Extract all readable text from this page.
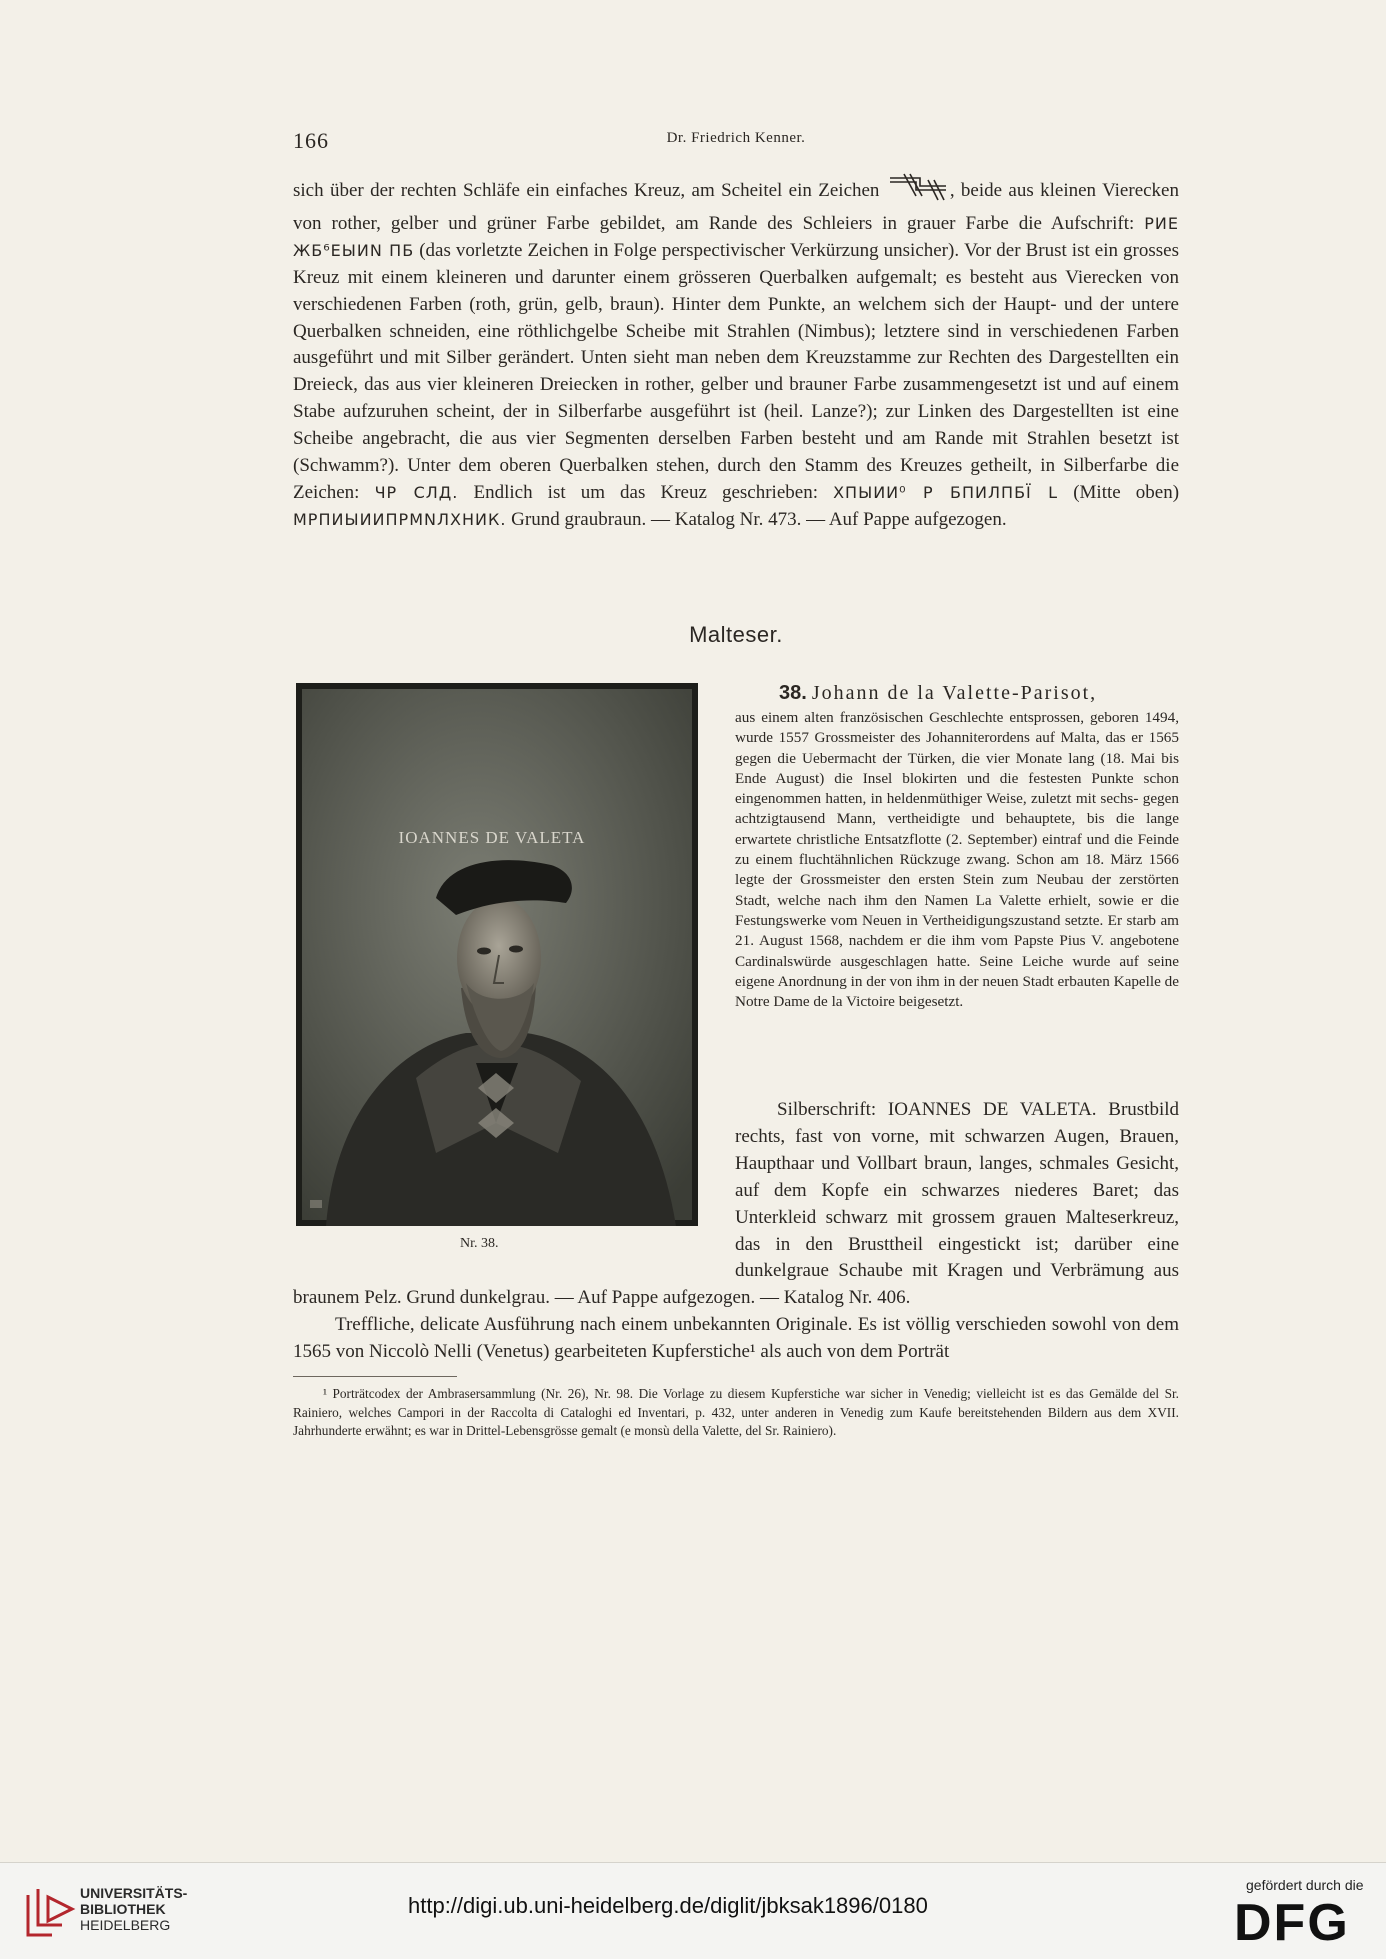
166	Dr. Friedrich Kenner.

sich über der rechten Schläfe ein einfaches Kreuz, am Scheitel ein Zeichen	, beide aus kleinen Vierecken von rother, gelber und grüner Farbe gebildet, am Rande des Schleiers in grauer Farbe die Aufschrift: РИЕ ЖБ⁶ЕЫИN ПБ (das vorletzte Zeichen in Folge perspectivischer Verkürzung unsicher). Vor der Brust ist ein grosses Kreuz mit einem kleineren und darunter einem grösseren Querbalken aufgemalt; es besteht aus Vierecken von verschiedenen Farben (roth, grün, gelb, braun). Hinter dem Punkte, an welchem sich der Haupt- und der untere Querbalken schneiden, eine röthlichgelbe Scheibe mit Strahlen (Nimbus); letztere sind in verschiedenen Farben ausgeführt und mit Silber gerändert. Unten sieht man neben dem Kreuzstamme zur Rechten des Dargestellten ein Dreieck, das aus vier kleineren Dreiecken in rother, gelber und brauner Farbe zusammengesetzt ist und auf einem Stabe aufzuruhen scheint, der in Silberfarbe ausgeführt ist (heil. Lanze?); zur Linken des Dargestellten ist eine Scheibe angebracht, die aus vier Segmenten derselben Farben besteht und am Rande mit Strahlen besetzt ist (Schwamm?). Unter dem oberen Querbalken stehen, durch den Stamm des Kreuzes getheilt, in Silberfarbe die Zeichen: ЧР СЛД. Endlich ist um das Kreuz geschrieben: ХПЫИИ⁰ Р БПИЛПБЇ L (Mitte oben) МРПИЫИИПРМNЛХНИК. Grund graubraun. — Katalog Nr. 473. — Auf Pappe aufgezogen.

Malteser.
IOANNES DE VALETA
Nr. 38.

38. Johann de la Valette-Parisot,

aus einem alten französischen Geschlechte entsprossen, geboren 1494, wurde 1557 Grossmeister des Johanniterordens auf Malta, das er 1565 gegen die Uebermacht der Türken, die vier Monate lang (18. Mai bis Ende August) die Insel blokirten und die festesten Punkte schon eingenommen hatten, in heldenmüthiger Weise, zuletzt mit sechs- gegen achtzigtausend Mann, vertheidigte und behauptete, bis die lange erwartete christliche Entsatzflotte (2. September) eintraf und die Feinde zu einem fluchtähnlichen Rückzuge zwang. Schon am 18. März 1566 legte der Grossmeister den ersten Stein zum Neubau der zerstörten Stadt, welche nach ihm den Namen La Valette erhielt, sowie er die Festungswerke vom Neuen in Vertheidigungszustand setzte. Er starb am 21. August 1568, nachdem er die ihm vom Papste Pius V. angebotene Cardinalswürde ausgeschlagen hatte. Seine Leiche wurde auf seine eigene Anordnung in der von ihm in der neuen Stadt erbauten Kapelle de Notre Dame de la Victoire beigesetzt.

Silberschrift: IOANNES DE VALETA. Brustbild rechts, fast von vorne, mit schwarzen Augen, Brauen, Haupthaar und Vollbart braun, langes, schmales Gesicht, auf dem Kopfe ein schwarzes niederes Baret; das Unterkleid schwarz mit grossem grauen Malteserkreuz, das in den Brusttheil eingestickt ist; darüber eine dunkelgraue Schaube mit Kragen und Verbrämung aus braunem Pelz. Grund dunkelgrau. — Auf Pappe aufgezogen. — Katalog Nr. 406.

Treffliche, delicate Ausführung nach einem unbekannten Originale. Es ist völlig verschieden sowohl von dem 1565 von Niccolò Nelli (Venetus) gearbeiteten Kupferstiche¹ als auch von dem Porträt

¹ Porträtcodex der Ambrasersammlung (Nr. 26), Nr. 98. Die Vorlage zu diesem Kupferstiche war sicher in Venedig; vielleicht ist es das Gemälde del Sr. Rainiero, welches Campori in der Raccolta di Cataloghi ed Inventari, p. 432, unter anderen in Venedig zum Kaufe bereitstehenden Bildern aus dem XVII. Jahrhunderte erwähnt; es war in Drittel-Lebensgrösse gemalt (e monsù della Valette, del Sr. Rainiero).

UNIVERSITÄTS-
BIBLIOTHEK
HEIDELBERG
http://digi.ub.uni-heidelberg.de/diglit/jbksak1896/0180
gefördert durch die
DFG
